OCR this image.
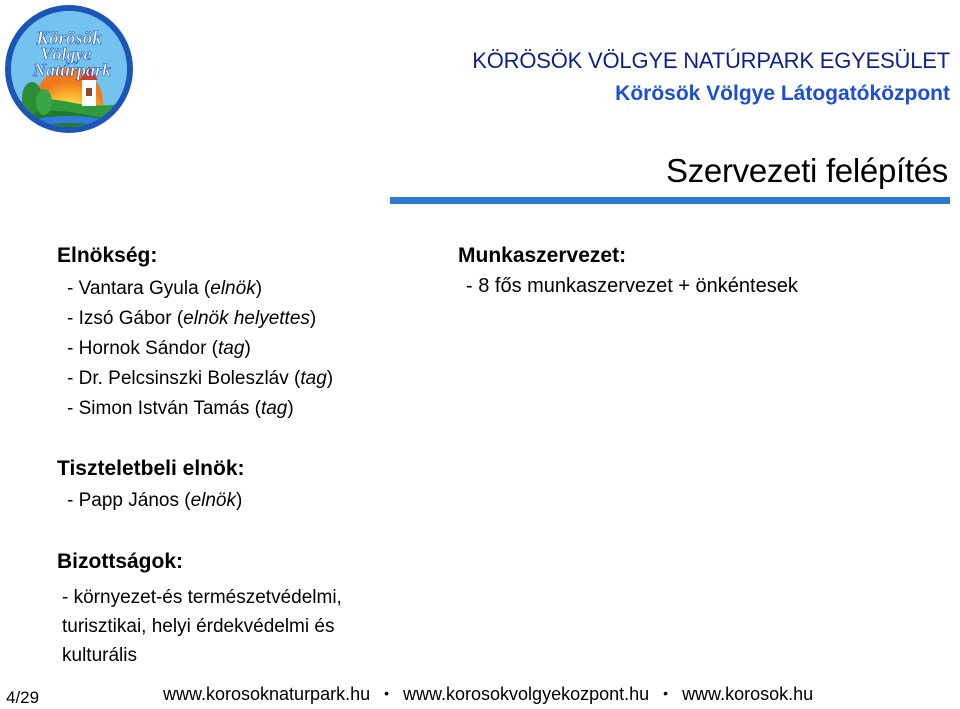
Körösök
Völgye
Natúrpark	KÖRÖSÖK VÖLGYE NATÚRPARK EGYESÜLET
Körösök Völgye Látogatóközpont
Szervezeti felépítés
Elnökség:
- Vantara Gyula (elnök)
- Izsó Gábor (elnök helyettes)
- Hornok Sándor (tag)
- Dr. Pelcsinszki Boleszláv (tag)
- Simon István Tamás (tag)
Tiszteletbeli elnök:
- Papp János (elnök)
Bizottságok:
- környezet-és természetvédelmi,
turisztikai, helyi érdekvédelmi és
kulturális
Munkaszervezet:
- 8 fős munkaszervezet + önkéntesek
4/29	www.korosoknaturpark.hu • www.korosokvolgyekozpont.hu • www.korosok.hu
